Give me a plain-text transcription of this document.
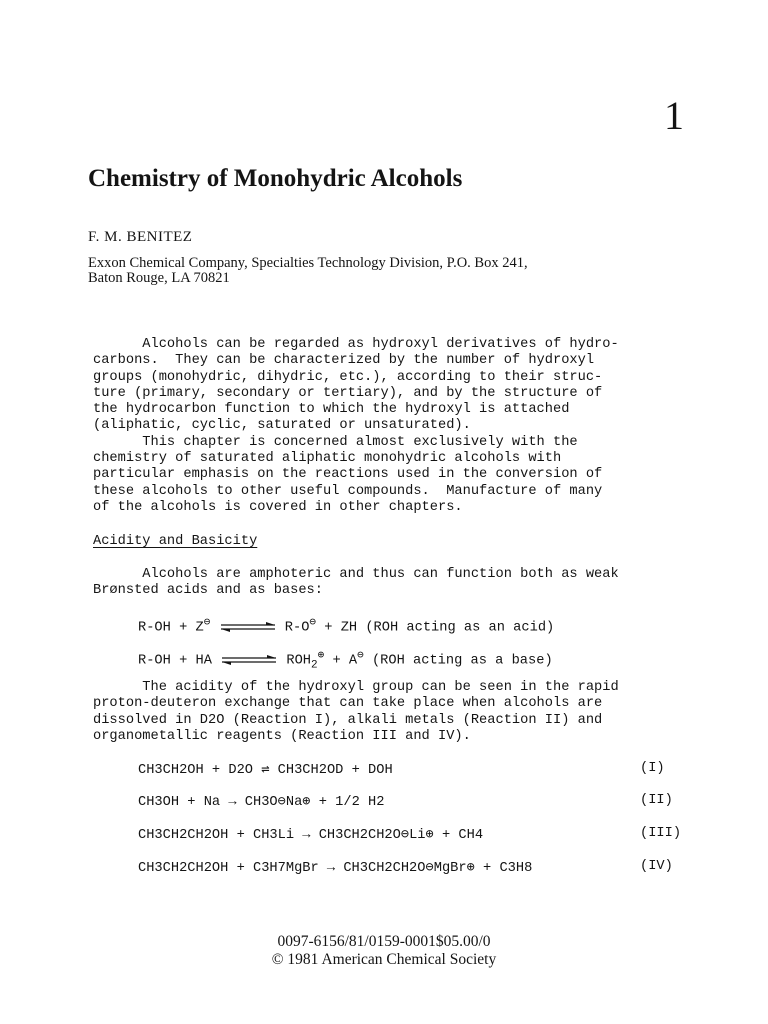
1
Chemistry of Monohydric Alcohols
F. M. BENITEZ
Exxon Chemical Company, Specialties Technology Division, P.O. Box 241,
Baton Rouge, LA 70821
Alcohols can be regarded as hydroxyl derivatives of hydro-
carbons.  They can be characterized by the number of hydroxyl
groups (monohydric, dihydric, etc.), according to their struc-
ture (primary, secondary or tertiary), and by the structure of
the hydrocarbon function to which the hydroxyl is attached
(aliphatic, cyclic, saturated or unsaturated).
This chapter is concerned almost exclusively with the
chemistry of saturated aliphatic monohydric alcohols with
particular emphasis on the reactions used in the conversion of
these alcohols to other useful compounds.  Manufacture of many
of the alcohols is covered in other chapters.
Acidity and Basicity
Alcohols are amphoteric and thus can function both as weak
Brønsted acids and as bases:
R-OH + Z⊖	R-O⊖ + ZH (ROH acting as an acid)
R-OH + HA	$ROH_2^\oplus + A^⊖$ (ROH acting as a base)
The acidity of the hydroxyl group can be seen in the rapid
proton-deuteron exchange that can take place when alcohols are
dissolved in D2O (Reaction I), alkali metals (Reaction II) and
organometallic reagents (Reaction III and IV).
CH3CH2OH + D2O ⇌ CH3CH2OD + DOH	(I)
CH3OH + Na → CH3O⊖Na⊕ + 1/2 H2	(II)
CH3CH2CH2OH + CH3Li → CH3CH2CH2O⊖Li⊕ + CH4	(III)
CH3CH2CH2OH + C3H7MgBr → CH3CH2CH2O⊖MgBr⊕ + C3H8	(IV)
0097-6156/81/0159-0001$05.00/0
© 1981 American Chemical Society
